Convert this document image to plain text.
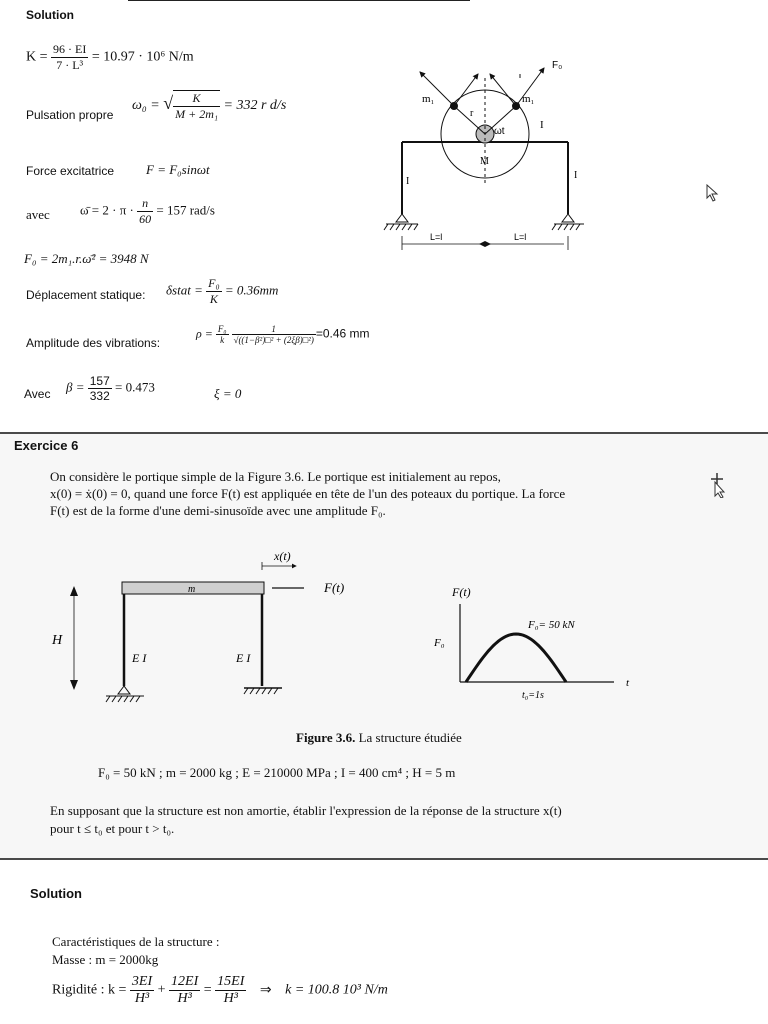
Solution
$K = \frac{96 \cdot EI}{\text{7 · L³}} = 10.97 \cdot 10^6$ N/m
Pulsation propre
ω₀ = √ $\frac{K}{\text{M + 2m₁}} = 332$ r d/s
Force excitatrice F = F₀sinωt
avec ω̄ = $2 \cdot \pi \cdot \frac{n}{60} = 157$ rad/s
F₀ = 2m₁.r.ω̄² = 3948 N
Déplacement statique: δstat = $\frac{\text{F₀}}{K} = 0.36mm$
Amplitude des vibrations:
$\rho = \frac{\text{F₀}}{k}$
$\frac{1}{\text{√((1−β²)□² + (2ξβ)□²)}} =0.46$ mm
Avec $\beta = \frac{157}{332} = 0.473$	ξ = 0
m₁	m₁
F₀
r
ωt
I
M
I
I
L=l	L=l
Exercice 6
On considère le portique simple de la Figure 3.6. Le portique est initialement au repos,
x(0) = ẋ(0) = 0, quand une force F(t) est appliquée en tête de l'un des poteaux du portique. La force
F(t) est de la forme d'une demi-sinusoïde avec une amplitude F₀.
x(t)
F(t)
m
H
E I	E I
F(t)
F₀
F₀= 50 kN
t
t₀=1s
Figure 3.6. La structure étudiée
F₀ = 50 kN ; m = 2000 kg ; E = 210000 MPa ; I = 400 cm⁴ ; H = 5 m
En supposant que la structure est non amortie, établir l'expression de la réponse de la structure x(t)
pour t ≤ t₀ et pour t > t₀.
Solution
Caractéristiques de la structure :
Masse : m = 2000kg
Rigidité : $k = \frac{3EI}{\text{H³}} + \frac{12EI}{\text{H³}} = \frac{15EI}{\text{H³}}$ ⇒ k = 100.8 10³ N/m
